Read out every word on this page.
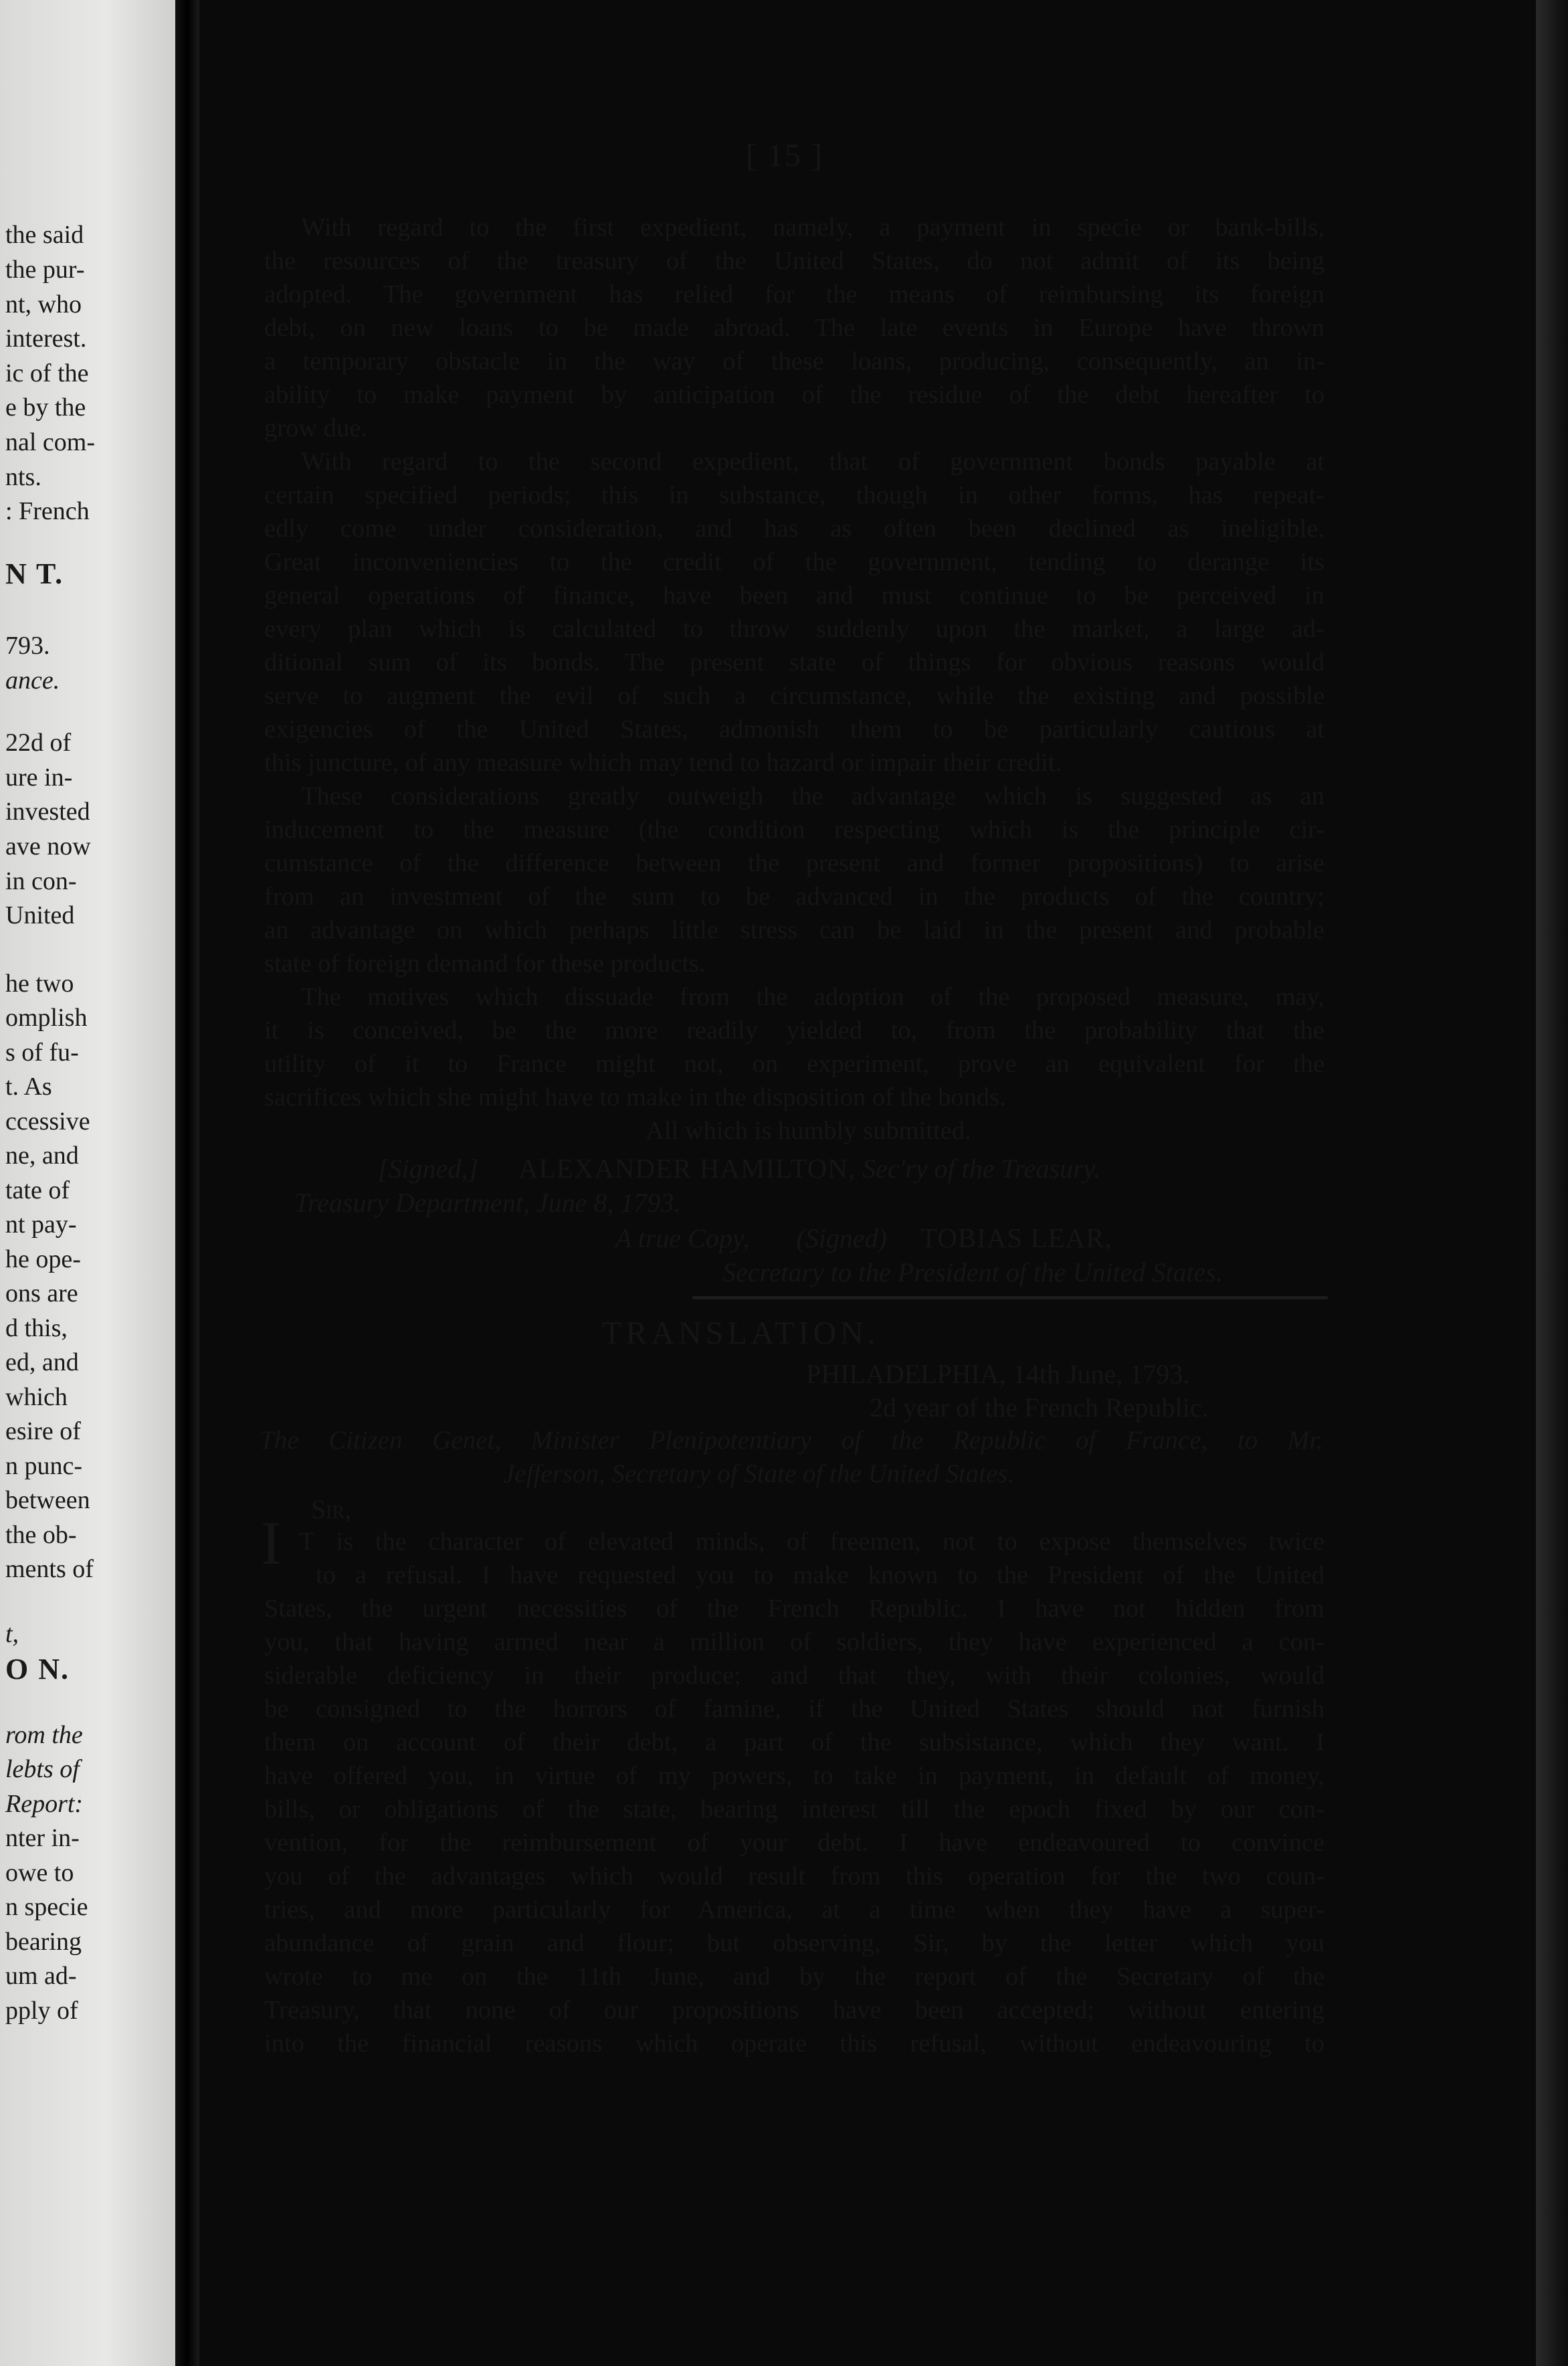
the said
the pur-
nt, who
interest.
ic of the
e by the
nal com-
nts.
: French
N T.
793.
ance.
22d of
ure in-
invested
ave now
in con-
United
he two
omplish
s of fu-
t. As
ccessive
ne, and
tate of
nt pay-
he ope-
ons are
d this,
ed, and
which
esire of
n punc-
between
the ob-
ments of
t,
O N.
rom the
lebts of
Report:
nter in-
owe to
n specie
bearing
um ad-
pply of
[ 15 ]
With regard to the first expedient, namely, a payment in specie or bank-bills,
the resources of the treasury of the United States, do not admit of its being
adopted. The government has relied for the means of reimbursing its foreign
debt, on new loans to be made abroad. The late events in Europe have thrown
a temporary obstacle in the way of these loans, producing, consequently, an in-
ability to make payment by anticipation of the residue of the debt hereafter to
grow due.
With regard to the second expedient, that of government bonds payable at
certain specified periods; this in substance, though in other forms, has repeat-
edly come under consideration, and has as often been declined as ineligible.
Great inconveniencies to the credit of the government, tending to derange its
general operations of finance, have been and must continue to be perceived in
every plan which is calculated to throw suddenly upon the market, a large ad-
ditional sum of its bonds. The present state of things for obvious reasons would
serve to augment the evil of such a circumstance, while the existing and possible
exigencies of the United States, admonish them to be particularly cautious at
this juncture, of any measure which may tend to hazard or impair their credit.
These considerations greatly outweigh the advantage which is suggested as an
inducement to the measure (the condition respecting which is the principle cir-
cumstance of the difference between the present and former propositions) to arise
from an investment of the sum to be advanced in the products of the country;
an advantage on which perhaps little stress can be laid in the present and probable
state of foreign demand for these products.
The motives which dissuade from the adoption of the proposed measure, may,
it is conceived, be the more readily yielded to, from the probability that the
utility of it to France might not, on experiment, prove an equivalent for the
sacrifices which she might have to make in the disposition of the bonds.
All which is humbly submitted.
[Signed,] ALEXANDER HAMILTON, Sec'ry of the Treasury.
Treasury Department, June 8, 1793.
A true Copy, (Signed) TOBIAS LEAR,
Secretary to the President of the United States.
TRANSLATION.
PHILADELPHIA, 14th June, 1793.
2d year of the French Republic.
The Citizen Genet, Minister Plenipotentiary of the Republic of France, to Mr.
Jefferson, Secretary of State of the United States.
Sir,
I T is the character of elevated minds, of freemen, not to expose themselves twice
to a refusal. I have requested you to make known to the President of the United
States, the urgent necessities of the French Republic. I have not hidden from
you, that having armed near a million of soldiers, they have experienced a con-
siderable deficiency in their produce; and that they, with their colonies, would
be consigned to the horrors of famine, if the United States should not furnish
them on account of their debt, a part of the subsistance, which they want. I
have offered you, in virtue of my powers, to take in payment, in default of money,
bills, or obligations of the state, bearing interest till the epoch fixed by our con-
vention, for the reimbursement of your debt. I have endeavoured to convince
you of the advantages which would result from this operation for the two coun-
tries, and more particularly for America, at a time when they have a super-
abundance of grain and flour; but observing, Sir, by the letter which you
wrote to me on the 11th June, and by the report of the Secretary of the
Treasury, that none of our propositions have been accepted; without entering
into the financial reasons which operate this refusal, without endeavouring to
